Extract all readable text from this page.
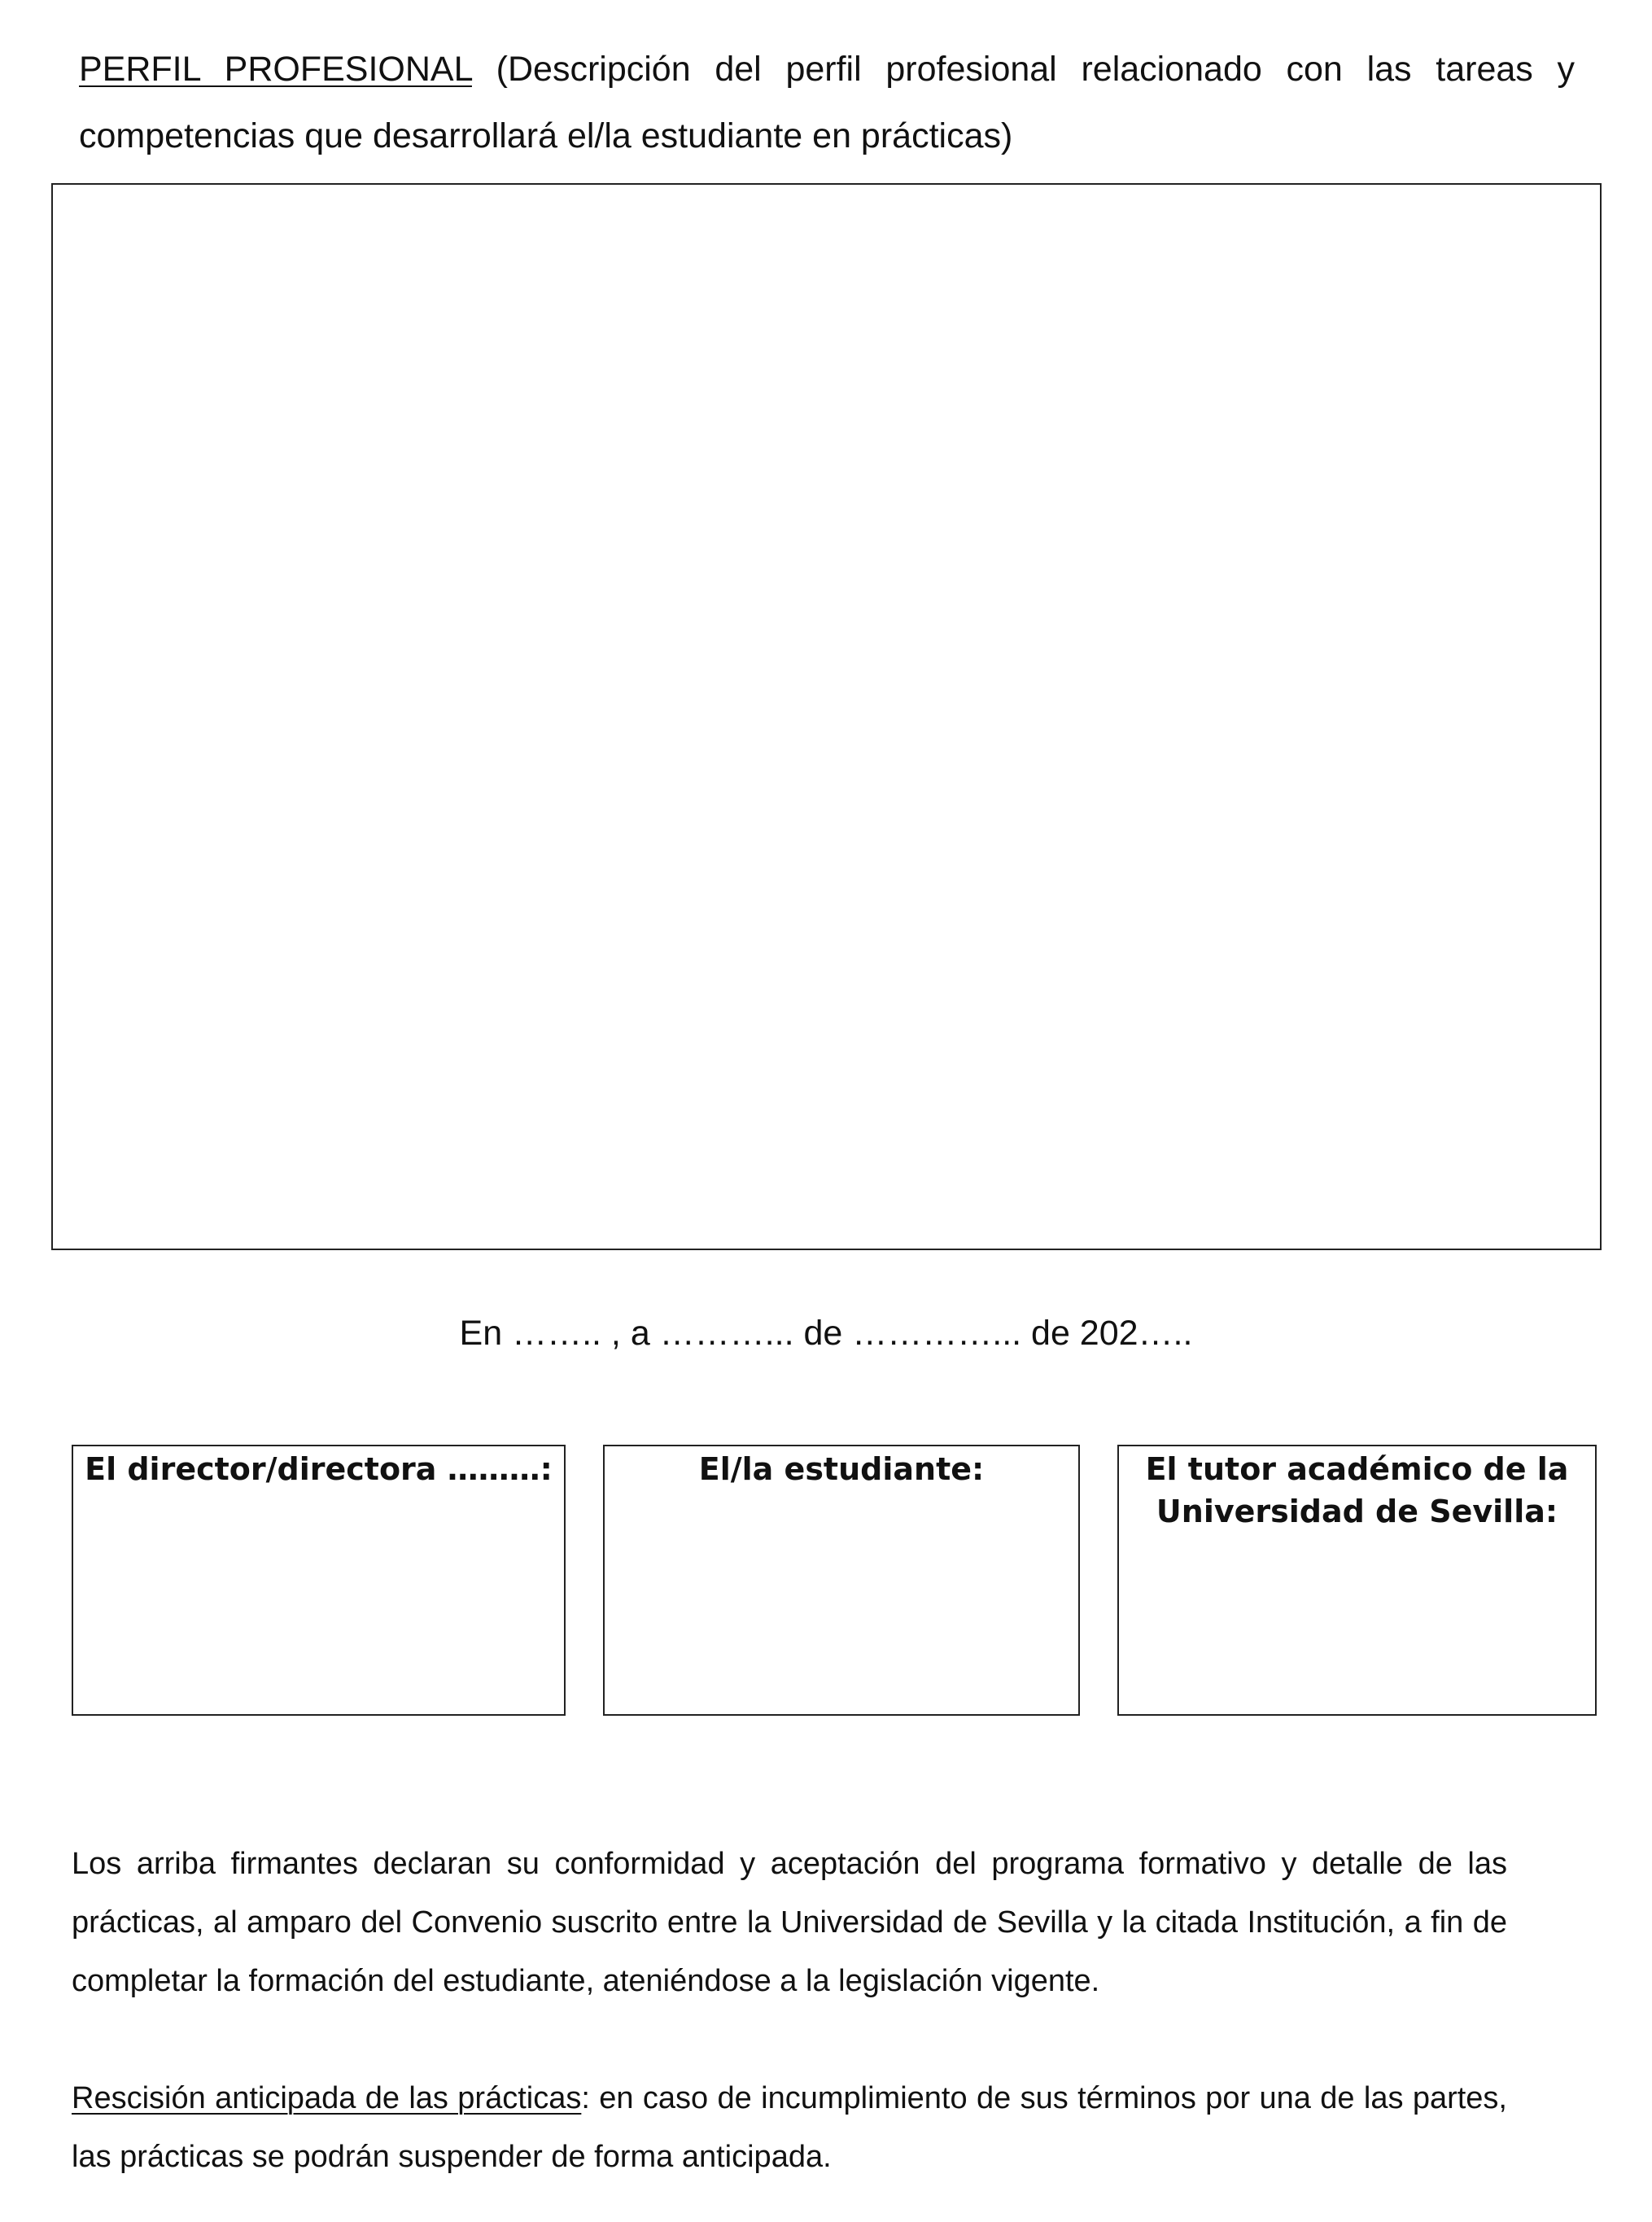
PERFIL PROFESIONAL (Descripción del perfil profesional relacionado con las tareas y competencias que desarrollará el/la estudiante en prácticas)
En …….. , a ………... de …………... de 202…..
El director/directora ………:	El/la estudiante:	El tutor académico de la Universidad de Sevilla:
Los arriba firmantes declaran su conformidad y aceptación del programa formativo y detalle de las prácticas, al amparo del Convenio suscrito entre la Universidad de Sevilla y la citada Institución, a fin de completar la formación del estudiante, ateniéndose a la legislación vigente.
Rescisión anticipada de las prácticas: en caso de incumplimiento de sus términos por una de las partes, las prácticas se podrán suspender de forma anticipada.
